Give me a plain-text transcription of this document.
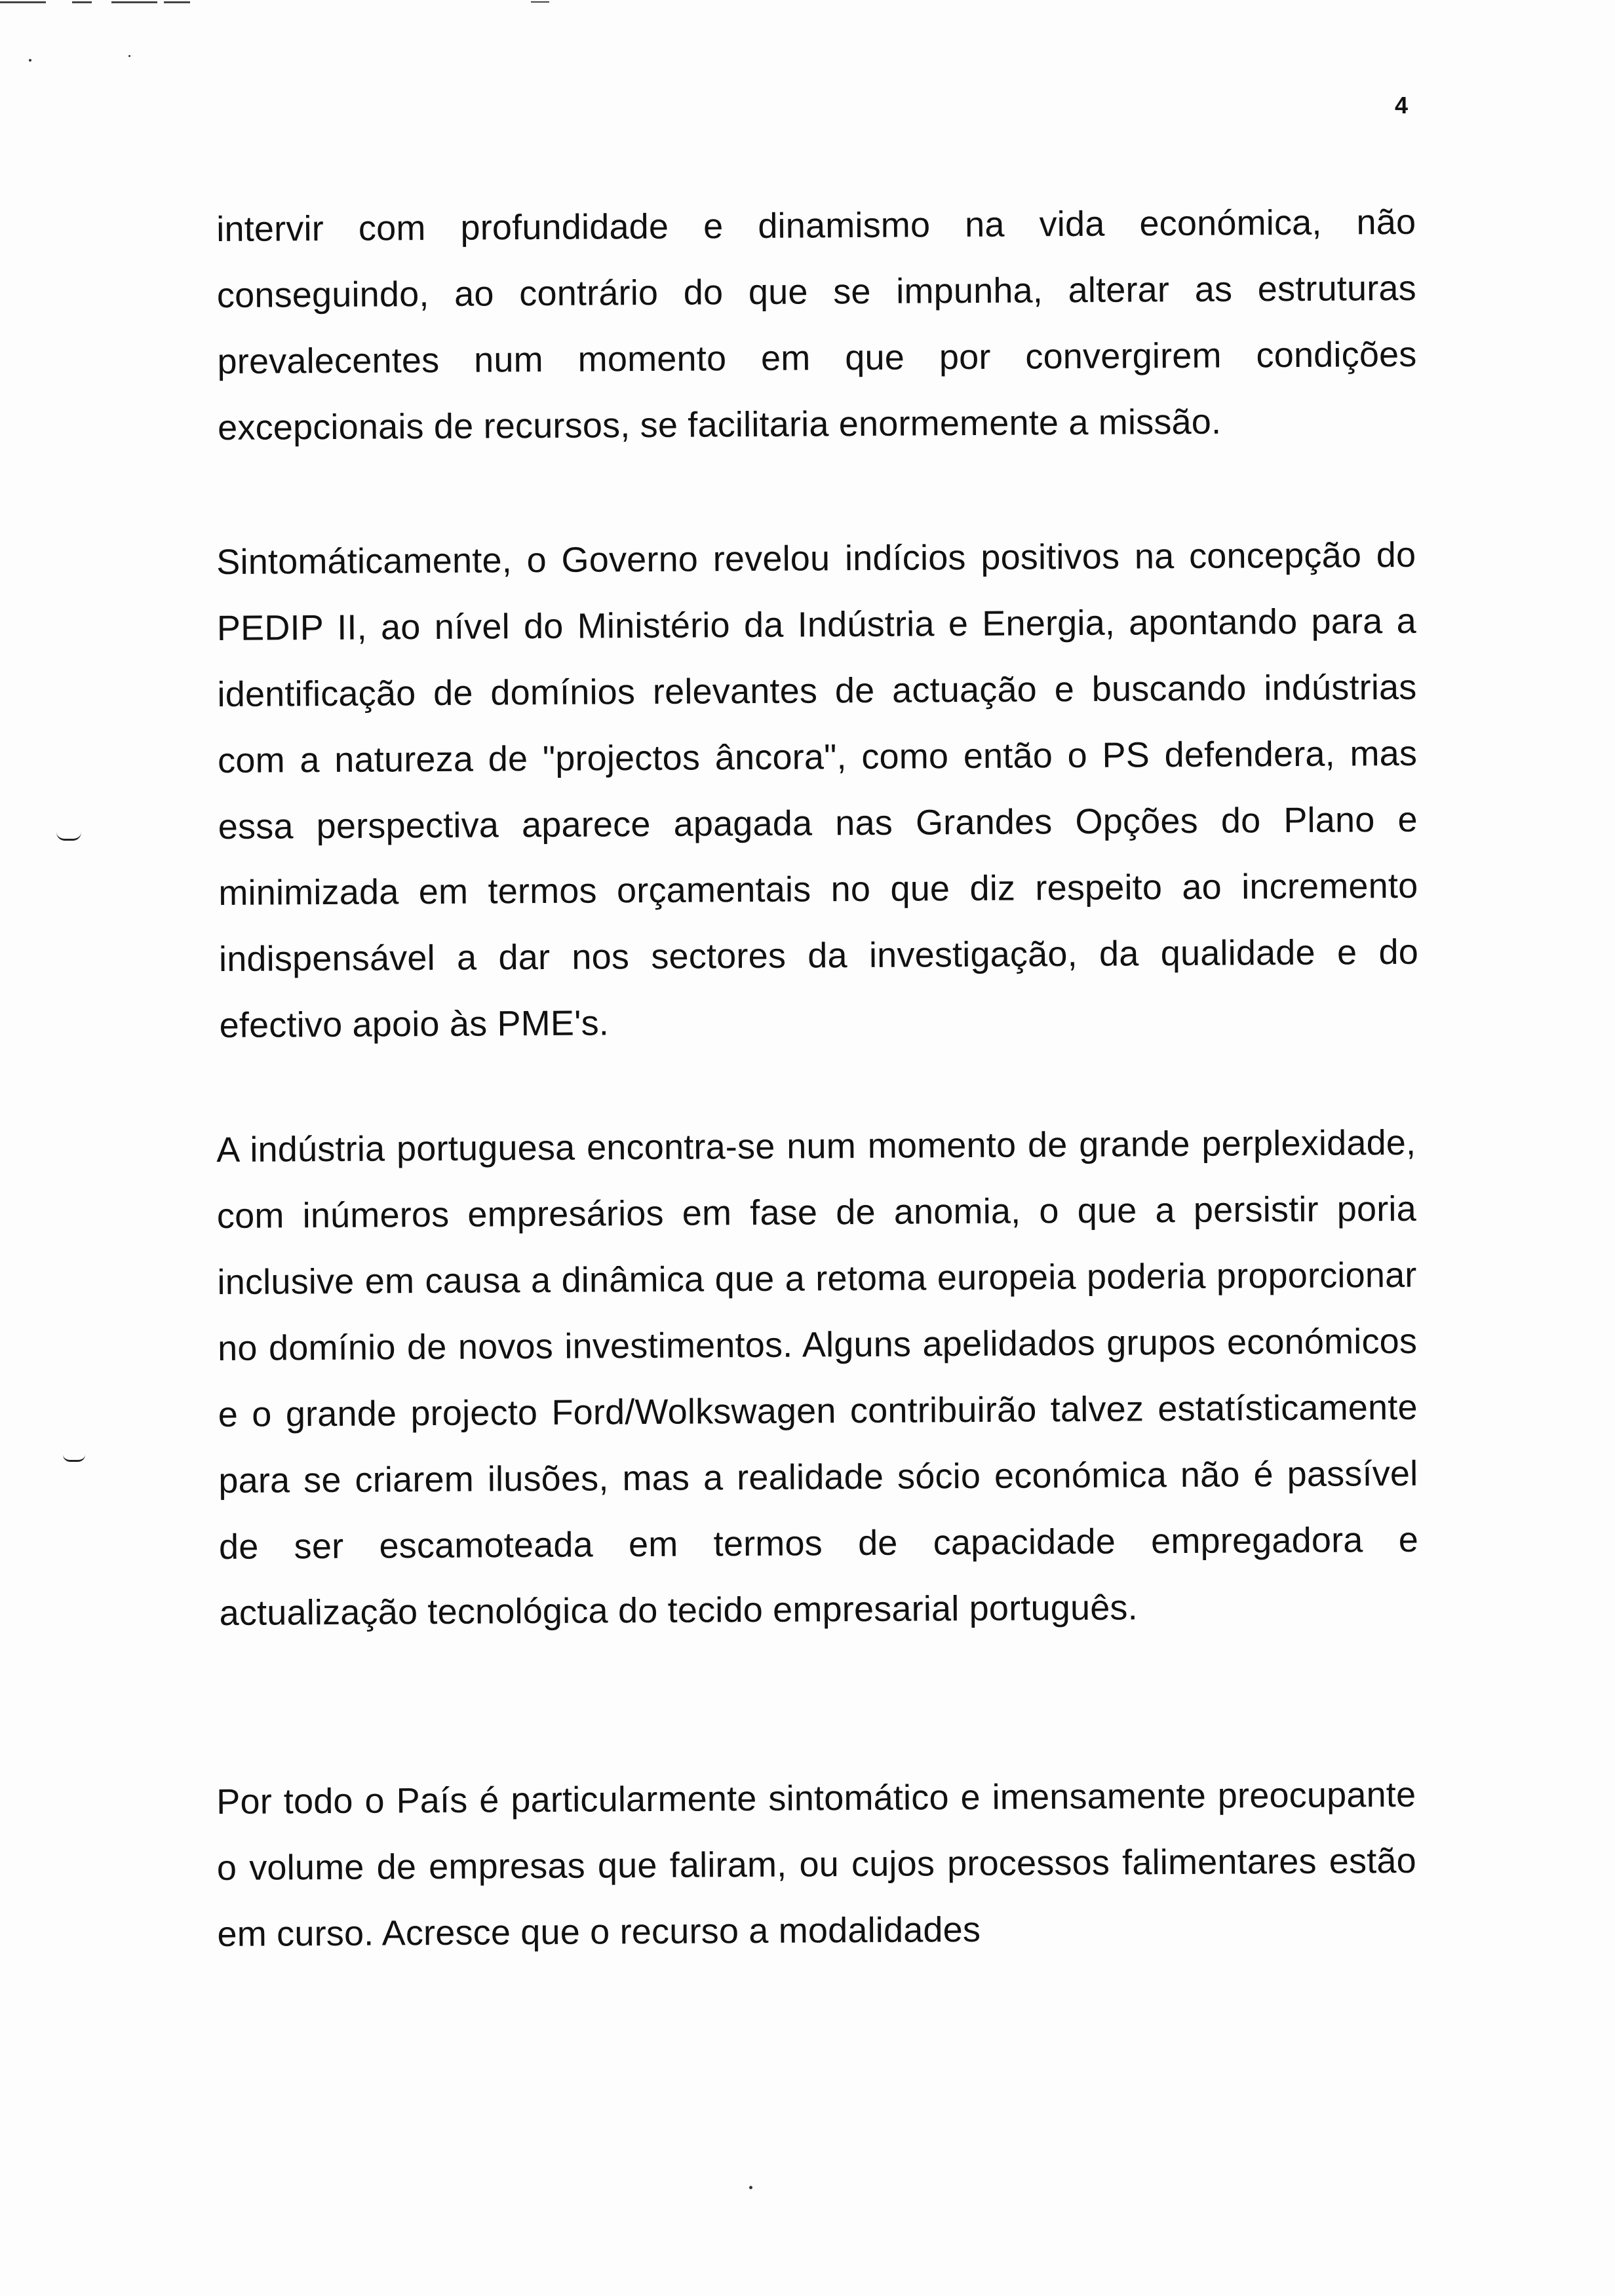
4

intervir com profundidade e dinamismo na vida económica, não conseguindo, ao contrário do que se impunha, alterar as estruturas prevalecentes num momento em que por convergirem condições excepcionais de recursos, se facilitaria enormemente a missão.

Sintomáticamente, o Governo revelou indícios positivos na concepção do PEDIP II, ao nível do Ministério da Indústria e Energia, apontando para a identificação de domínios relevantes de actuação e buscando indústrias com a natureza de "projectos âncora", como então o PS defendera, mas essa perspectiva aparece apagada nas Grandes Opções do Plano e minimizada em termos orçamentais no que diz respeito ao incremento indispensável a dar nos sectores da investigação, da qualidade e do efectivo apoio às PME's.

A indústria portuguesa encontra-se num momento de grande perplexidade, com inúmeros empresários em fase de anomia, o que a persistir poria inclusive em causa a dinâmica que a retoma europeia poderia proporcionar no domínio de novos investimentos. Alguns apelidados grupos económicos e o grande projecto Ford/Wolkswagen contribuirão talvez estatísticamente para se criarem ilusões, mas a realidade sócio económica não é passível de ser escamoteada em termos de capacidade empregadora e actualização tecnológica do tecido empresarial português.

Por todo o País é particularmente sintomático e imensamente preocupante o volume de empresas que faliram, ou cujos processos falimentares estão em curso. Acresce que o recurso a modalidades
